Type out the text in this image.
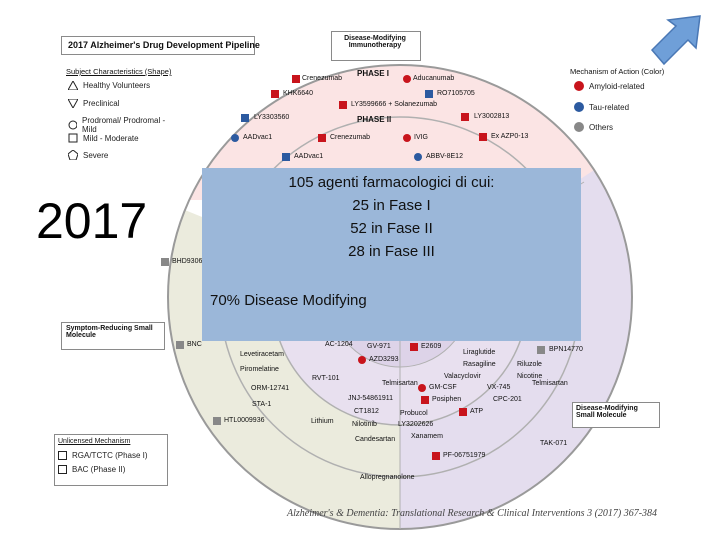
2017 Alzheimer's Drug Development Pipeline
Disease-Modifying Immunotherapy
Subject Characteristics (Shape)
Healthy Volunteers
Preclinical
Prodromal/ Prodromal - Mild
Mild - Moderate
Severe
Mechanism of Action (Color)
Amyloid-related
Tau-related
Others
Symptom-Reducing Small Molecule
Disease-Modifying Small Molecule
Unlicensed Mechanism
RGA/TCTC (Phase I)
BAC (Phase II)
PHASE I
PHASE II
Crenezumab	Aducanumab
KHK6640	RO7105705
LY3599666 + Solanezumab
LY3303560	LY3002813
AADvac1	Crenezumab	IVIG	Ex AZP0-13
AADvac1	ABBV-8E12
BHD9306
BNC
Levetiracetam
AC-1204
Piromelatine
RVT-101
ORM-12741
STA-1
Lithium
HTL0009936
GV-971	E2609
AZD3293
Liraglutide
Rasagiline	Riluzole
Valacyclovir	Nicotine
Telmisartan
GM-CSF	VX-745
JNJ-54861911	Posiphen	CPC-201
CT1812	Probucol	ATP
Nilotinib	LY3202626
Candesartan Xanamem
PF-06751979
Allopregnanolone
BPN14770
Telmisartan
TAK-071
2017
105 agenti farmacologici di cui:
25 in Fase I
52 in Fase II
28 in Fase III
70% Disease Modifying
Alzheimer's & Dementia: Translational Research & Clinical Interventions 3 (2017) 367-384
